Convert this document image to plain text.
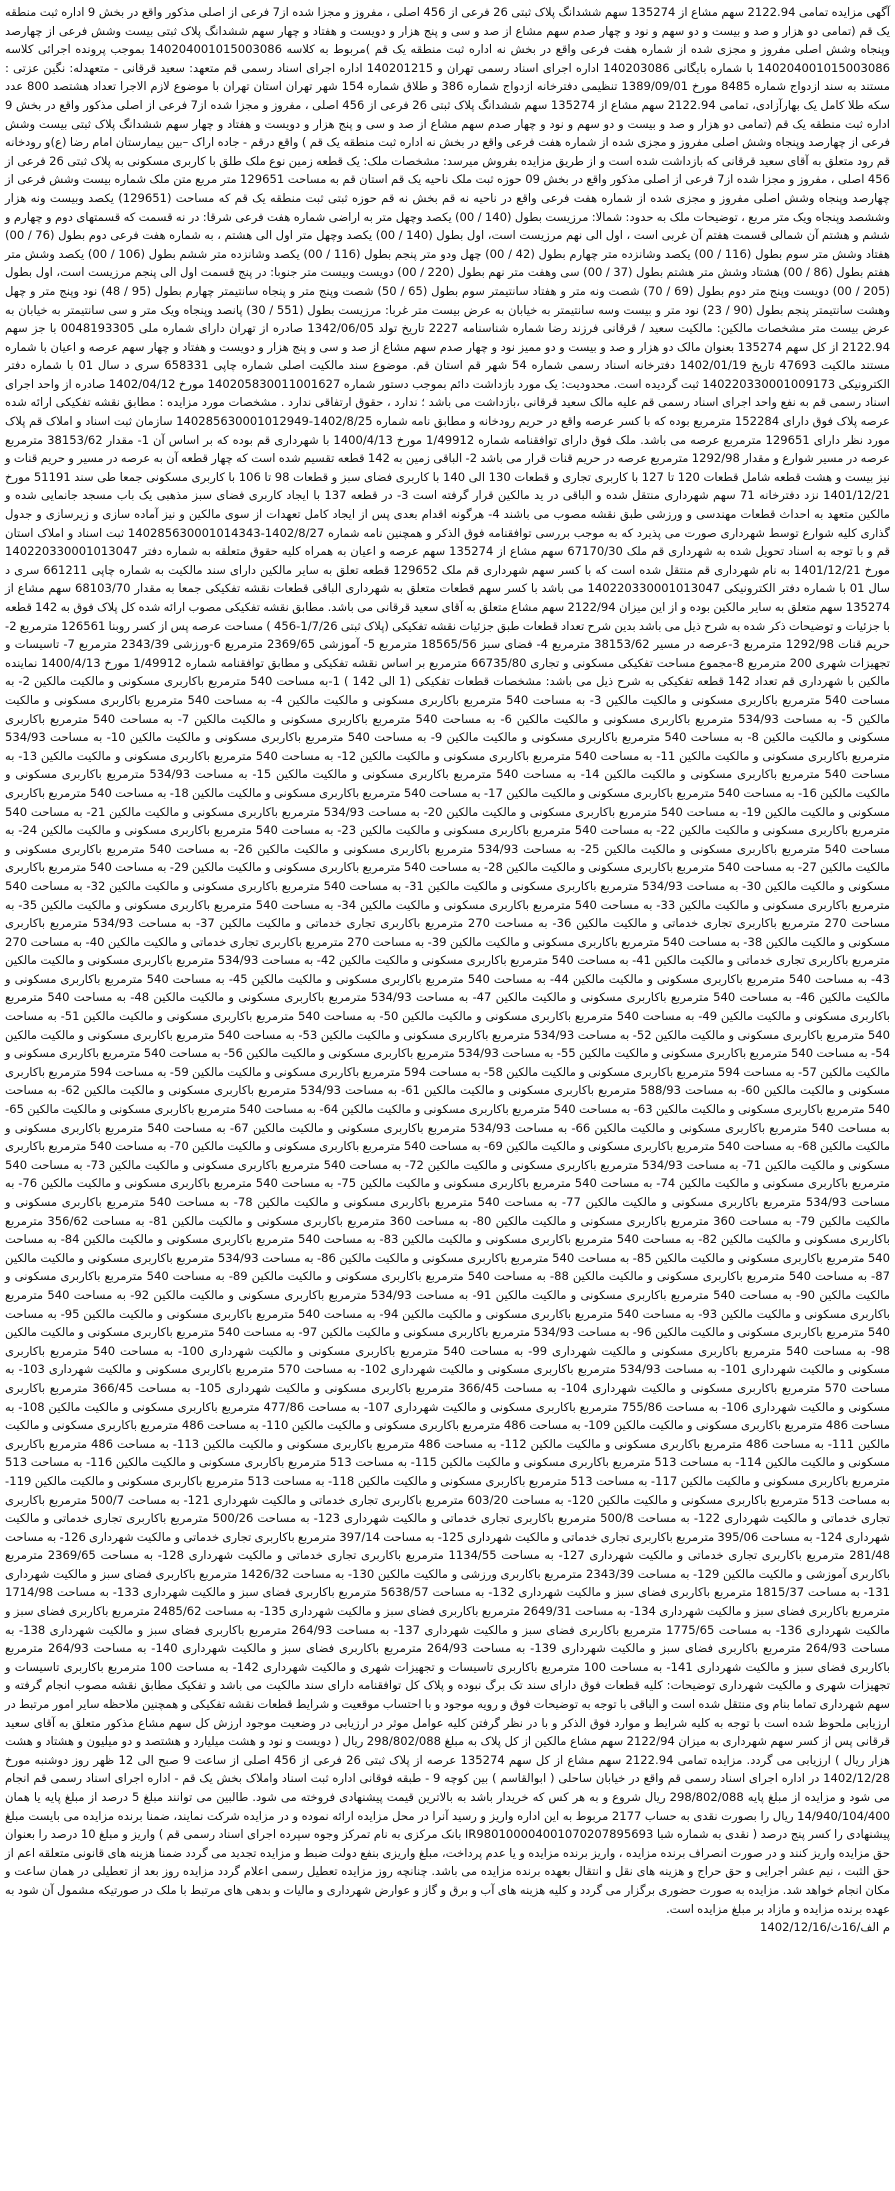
آگهی مزایده تمامی 2122.94 سهم مشاع از 135274 سهم ششدانگ پلاک ثبتی 26 فرعی از 456 اصلی ، مفروز و مجزا شده از7 فرعی از اصلی مذکور واقع در بخش 9 اداره ثبت منطقه یک قم (تمامی دو هزار و صد و بیست و دو سهم و نود و چهار صدم سهم مشاع از صد و سی و پنج هزار و دویست و هفتاد و چهار سهم ششدانگ پلاک ثبتی بیست وشش فرعی از چهارصد وپنجاه وشش اصلی مفروز و مجزی شده از شماره هفت فرعی واقع در بخش نه اداره ثبت منطقه یک قم )مربوط به کلاسه 140204001015003086 بموجب پرونده اجرائی کلاسه 140204001015003086 با شماره بایگانی 140203086 اداره اجرای اسناد رسمی تهران و 140201215 اداره اجرای اسناد رسمی قم متعهد: سعید قرقانی - متعهدله: نگین عزتی : مستند به سند ازدواج شماره 8485 مورخ 1389/09/01 تنظیمی دفترخانه ازدواج شماره 386 و طلاق شماره 154 شهر تهران استان تهران با موضوع لازم الاجرا تعداد هشتصد 800 عدد سکه طلا کامل یک بهارآزادی، تمامی 2122.94 سهم مشاع از 135274 سهم ششدانگ پلاک ثبتی 26 فرعی از 456 اصلی ، مفروز و مجزا شده از7 فرعی از اصلی مذکور واقع در بخش 9 اداره ثبت منطقه یک قم (تمامی دو هزار و صد و بیست و دو سهم و نود و چهار صدم سهم مشاع از صد و سی و پنج هزار و دویست و هفتاد و چهار سهم ششدانگ پلاک ثبتی بیست وشش فرعی از چهارصد وپنجاه وشش اصلی مفروز و مجزی شده از شماره هفت فرعی واقع در بخش نه اداره ثبت منطقه یک قم ) واقع درقم - جاده اراک –بین بیمارستان امام رضا (ع)و رودخانه قم رود متعلق به آقای سعید قرقانی که بازداشت شده است و از طریق مزایده بفروش میرسد: مشخصات ملک: یک قطعه زمین نوع ملک طلق با کاربری مسکونی به پلاک ثبتی 26 فرعی از 456 اصلی ، مفروز و مجزا شده از7 فرعی از اصلی مذکور واقع در بخش 09 حوزه ثبت ملک ناحیه یک قم استان قم به مساحت 129651 متر مربع متن ملک شماره بیست وشش فرعی از چهارصد وپنجاه وشش اصلی مفروز و مجزی شده از شماره هفت فرعی واقع در ناحیه نه قم بخش نه قم حوزه ثبتی ثبت منطقه یک قم که مساحت (129651) یکصد وبیست ونه هزار وششصد وپنجاه ویک متر مربع ، توضیحات ملک به حدود: شمالا: مرزیست بطول (140 / 00) یکصد وچهل متر به اراضی شماره هفت فرعی شرقا: در نه قسمت که قسمتهای دوم و چهارم و ششم و هشتم آن شمالی قسمت هفتم آن غربی است ، اول الی نهم مرزیست است، اول بطول (140 / 00) یکصد وچهل متر اول الی هشتم ، به شماره هفت فرعی دوم بطول (76 / 00) هفتاد وشش متر سوم بطول (116 / 00) یکصد وشانزده متر چهارم بطول (42 / 00) چهل ودو متر پنجم بطول (116 / 00) یکصد وشانزده متر ششم بطول (106 / 00) یکصد وشش متر هفتم بطول (86 / 00) هشتاد وشش متر هشتم بطول (37 / 00) سی وهفت متر نهم بطول (220 / 00) دویست وبیست متر جنوبا: در پنج قسمت اول الی پنجم مرزیست است، اول بطول (205 / 00) دویست وپنج متر دوم بطول (69 / 70) شصت ونه متر و هفتاد سانتیمتر سوم بطول (65 / 50) شصت وپنج متر و پنجاه سانتیمتر چهارم بطول (95 / 48) نود وپنج متر و چهل وهشت سانتیمتر پنجم بطول (90 / 23) نود متر و بیست وسه سانتیمتر به خیابان به عرض بیست متر غربا: مرزیست بطول (551 / 30) پانصد وپنجاه ویک متر و سی سانتیمتر به خیابان به عرض بیست متر مشخصات مالکین: مالکیت سعید / قرقانی فرزند رضا شماره شناسنامه 2227 تاریخ تولد 1342/06/05 صادره از تهران دارای شماره ملی 0048193305 با جز سهم 2122.94 از کل سهم 135274 بعنوان مالک دو هزار و صد و بیست و دو ممیز نود و چهار صدم سهم مشاع از صد و سی و پنج هزار و دویست و هفتاد و چهار سهم عرصه و اعیان با شماره مستند مالکیت 47693 تاریخ 1402/01/19 دفترخانه اسناد رسمی شماره 54 شهر قم استان قم. موضوع سند مالکیت اصلی شماره چاپی 658331 سری د سال 01 با شماره دفتر الکترونیکی 140220330001009173 ثبت گردیده است. محدودیت: یک مورد بازداشت دائم بموجب دستور شماره 140205830011001627 مورخ 1402/04/12 صادره از واحد اجرای اسناد رسمی قم به نفع واحد اجرای اسناد رسمی قم علیه مالک سعید قرقانی ،بازداشت می باشد ؛ ندارد ، حقوق ارتفاقی ندارد . مشخصات مورد مزایده : مطابق نقشه تفکیکی ارائه شده عرصه پلاک فوق دارای 152284 مترمربع بوده که با کسر عرصه واقع در حریم رودخانه و مطابق نامه شماره 1402/8/25-140285630001012949 سازمان ثبت اسناد و املاک قم پلاک مورد نظر دارای 129651 مترمربع عرصه می باشد. ملک فوق دارای توافقنامه شماره 1/49912 مورخ 1400/4/13 با شهرداری قم بوده که بر اساس آن 1- مقدار 38153/62 مترمربع عرصه در مسیر شوارع و مقدار 1292/98 مترمربع عرصه در حریم قنات قرار می باشد 2- الباقی زمین به 142 قطعه تقسیم شده است که چهار قطعه آن به عرصه در مسیر و حریم قنات و نیز بیست و هشت قطعه شامل قطعات 120 تا 127 با کاربری تجاری و قطعات 130 الی 140 با کاربری فضای سبز و قطعات 98 تا 106 با کاربری مسکونی جمعا طی سند 51191 مورخ 1401/12/21 نزد دفترخانه 71 سهم شهرداری منتقل شده و الباقی در ید مالکین قرار گرفته است 3- در قطعه 137 با ایجاد کاربری فضای سبز مذهبی یک باب مسجد جانمایی شده و مالکین متعهد به احداث قطعات مهندسی و ورزشی طبق نقشه مصوب می باشند 4- هرگونه اقدام بعدی پس از ایجاد کامل تعهدات از سوی مالکین و نیز آماده سازی و زیرسازی و جدول گذاری کلیه شوارع توسط شهرداری صورت می پذیرد که به موجب بررسی توافقنامه فوق الذکر و همچنین نامه شماره 1402/8/27-140285630001014343 ثبت اسناد و املاک استان قم و با توجه به اسناد تحویل شده به شهرداری قم ملک 67170/30 سهم مشاع از 135274 سهم عرصه و اعیان به همراه کلیه حقوق متعلقه به شماره دفتر 140220330001013047 مورخ 1401/12/21 به نام شهرداری قم منتقل شده است که با کسر سهم شهرداری قم ملک 129652 قطعه تعلق به سایر مالکین دارای سند مالکیت به شماره چاپی 661211 سری د سال 01 با شماره دفتر الکترونیکی 140220330001013047 می باشد با کسر سهم قطعات متعلق به شهرداری الباقی قطعات نقشه تفکیکی جمعا به مقدار 68103/70 سهم مشاع از 135274 سهم متعلق به سایر مالکین بوده و از این میزان 2122/94 سهم مشاع متعلق به آقای سعید قرقانی می باشد. مطابق نقشه تفکیکی مصوب ارائه شده کل پلاک فوق به 142 قطعه با جزئیات و توضیحات ذکر شده به شرح ذیل می باشد بدین شرح تعداد قطعات طبق جزئیات نقشه تفکیکی (پلاک ثبتی 1/7/26-456 ) مساحت عرصه پس از کسر روبنا 126561 مترمربع 2-حریم قنات 1292/98 مترمربع 3-عرصه در مسیر 38153/62 مترمربع 4- فضای سبز 18565/56 مترمربع 5- آموزشی 2369/65 مترمربع 6-ورزشی 2343/39 مترمربع 7- تاسیسات و تجهیزات شهری 200 مترمربع 8-مجموع مساحت تفکیکی مسکونی و تجاری 66735/80 مترمربع بر اساس نقشه تفکیکی و مطابق توافقنامه شماره 1/49912 مورخ 1400/4/13 نماینده مالکین با شهرداری قم تعداد 142 قطعه تفکیکی به شرح ذیل می باشد: مشخصات قطعات تفکیکی (1 الی 142 ) 1-به مساحت 540 مترمربع باکاربری مسکونی و مالکیت مالکین 2- به مساحت 540 مترمربع باکاربری مسکونی و مالکیت مالکین 3- به مساحت 540 مترمربع باکاربری مسکونی و مالکیت مالکین 4- به مساحت 540 مترمربع باکاربری مسکونی و مالکیت مالکین 5- به مساحت 534/93 مترمربع باکاربری مسکونی و مالکیت مالکین 6- به مساحت 540 مترمربع باکاربری مسکونی و مالکیت مالکین 7- به مساحت 540 مترمربع باکاربری مسکونی و مالکیت مالکین 8- به مساحت 540 مترمربع باکاربری مسکونی و مالکیت مالکین 9- به مساحت 540 مترمربع باکاربری مسکونی و مالکیت مالکین 10- به مساحت 534/93 مترمربع باکاربری مسکونی و مالکیت مالکین 11- به مساحت 540 مترمربع باکاربری مسکونی و مالکیت مالکین 12- به مساحت 540 مترمربع باکاربری مسکونی و مالکیت مالکین 13- به مساحت 540 مترمربع باکاربری مسکونی و مالکیت مالکین 14- به مساحت 540 مترمربع باکاربری مسکونی و مالکیت مالکین 15- به مساحت 534/93 مترمربع باکاربری مسکونی و مالکیت مالکین 16- به مساحت 540 مترمربع باکاربری مسکونی و مالکیت مالکین 17- به مساحت 540 مترمربع باکاربری مسکونی و مالکیت مالکین 18- به مساحت 540 مترمربع باکاربری مسکونی و مالکیت مالکین 19- به مساحت 540 مترمربع باکاربری مسکونی و مالکیت مالکین 20- به مساحت 534/93 مترمربع باکاربری مسکونی و مالکیت مالکین 21- به مساحت 540 مترمربع باکاربری مسکونی و مالکیت مالکین 22- به مساحت 540 مترمربع باکاربری مسکونی و مالکیت مالکین 23- به مساحت 540 مترمربع باکاربری مسکونی و مالکیت مالکین 24- به مساحت 540 مترمربع باکاربری مسکونی و مالکیت مالکین 25- به مساحت 534/93 مترمربع باکاربری مسکونی و مالکیت مالکین 26- به مساحت 540 مترمربع باکاربری مسکونی و مالکیت مالکین 27- به مساحت 540 مترمربع باکاربری مسکونی و مالکیت مالکین 28- به مساحت 540 مترمربع باکاربری مسکونی و مالکیت مالکین 29- به مساحت 540 مترمربع باکاربری مسکونی و مالکیت مالکین 30- به مساحت 534/93 مترمربع باکاربری مسکونی و مالکیت مالکین 31- به مساحت 540 مترمربع باکاربری مسکونی و مالکیت مالکین 32- به مساحت 540 مترمربع باکاربری مسکونی و مالکیت مالکین 33- به مساحت 540 مترمربع باکاربری مسکونی و مالکیت مالکین 34- به مساحت 540 مترمربع باکاربری مسکونی و مالکیت مالکین 35- به مساحت 270 مترمربع باکاربری تجاری خدماتی و مالکیت مالکین 36- به مساحت 270 مترمربع باکاربری تجاری خدماتی و مالکیت مالکین 37- به مساحت 534/93 مترمربع باکاربری مسکونی و مالکیت مالکین 38- به مساحت 540 مترمربع باکاربری مسکونی و مالکیت مالکین 39- به مساحت 270 مترمربع باکاربری تجاری خدماتی و مالکیت مالکین 40- به مساحت 270 مترمربع باکاربری تجاری خدماتی و مالکیت مالکین 41- به مساحت 540 مترمربع باکاربری مسکونی و مالکیت مالکین 42- به مساحت 534/93 مترمربع باکاربری مسکونی و مالکیت مالکین 43- به مساحت 540 مترمربع باکاربری مسکونی و مالکیت مالکین 44- به مساحت 540 مترمربع باکاربری مسکونی و مالکیت مالکین 45- به مساحت 540 مترمربع باکاربری مسکونی و مالکیت مالکین 46- به مساحت 540 مترمربع باکاربری مسکونی و مالکیت مالکین 47- به مساحت 534/93 مترمربع باکاربری مسکونی و مالکیت مالکین 48- به مساحت 540 مترمربع باکاربری مسکونی و مالکیت مالکین 49- به مساحت 540 مترمربع باکاربری مسکونی و مالکیت مالکین 50- به مساحت 540 مترمربع باکاربری مسکونی و مالکیت مالکین 51- به مساحت 540 مترمربع باکاربری مسکونی و مالکیت مالکین 52- به مساحت 534/93 مترمربع باکاربری مسکونی و مالکیت مالکین 53- به مساحت 540 مترمربع باکاربری مسکونی و مالکیت مالکین 54- به مساحت 540 مترمربع باکاربری مسکونی و مالکیت مالکین 55- به مساحت 534/93 مترمربع باکاربری مسکونی و مالکیت مالکین 56- به مساحت 540 مترمربع باکاربری مسکونی و مالکیت مالکین 57- به مساحت 594 مترمربع باکاربری مسکونی و مالکیت مالکین 58- به مساحت 594 مترمربع باکاربری مسکونی و مالکیت مالکین 59- به مساحت 594 مترمربع باکاربری مسکونی و مالکیت مالکین 60- به مساحت 588/93 مترمربع باکاربری مسکونی و مالکیت مالکین 61- به مساحت 534/93 مترمربع باکاربری مسکونی و مالکیت مالکین 62- به مساحت 540 مترمربع باکاربری مسکونی و مالکیت مالکین 63- به مساحت 540 مترمربع باکاربری مسکونی و مالکیت مالکین 64- به مساحت 540 مترمربع باکاربری مسکونی و مالکیت مالکین 65- به مساحت 540 مترمربع باکاربری مسکونی و مالکیت مالکین 66- به مساحت 534/93 مترمربع باکاربری مسکونی و مالکیت مالکین 67- به مساحت 540 مترمربع باکاربری مسکونی و مالکیت مالکین 68- به مساحت 540 مترمربع باکاربری مسکونی و مالکیت مالکین 69- به مساحت 540 مترمربع باکاربری مسکونی و مالکیت مالکین 70- به مساحت 540 مترمربع باکاربری مسکونی و مالکیت مالکین 71- به مساحت 534/93 مترمربع باکاربری مسکونی و مالکیت مالکین 72- به مساحت 540 مترمربع باکاربری مسکونی و مالکیت مالکین 73- به مساحت 540 مترمربع باکاربری مسکونی و مالکیت مالکین 74- به مساحت 540 مترمربع باکاربری مسکونی و مالکیت مالکین 75- به مساحت 540 مترمربع باکاربری مسکونی و مالکیت مالکین 76- به مساحت 534/93 مترمربع باکاربری مسکونی و مالکیت مالکین 77- به مساحت 540 مترمربع باکاربری مسکونی و مالکیت مالکین 78- به مساحت 540 مترمربع باکاربری مسکونی و مالکیت مالکین 79- به مساحت 360 مترمربع باکاربری مسکونی و مالکیت مالکین 80- به مساحت 360 مترمربع باکاربری مسکونی و مالکیت مالکین 81- به مساحت 356/62 مترمربع باکاربری مسکونی و مالکیت مالکین 82- به مساحت 540 مترمربع باکاربری مسکونی و مالکیت مالکین 83- به مساحت 540 مترمربع باکاربری مسکونی و مالکیت مالکین 84- به مساحت 540 مترمربع باکاربری مسکونی و مالکیت مالکین 85- به مساحت 540 مترمربع باکاربری مسکونی و مالکیت مالکین 86- به مساحت 534/93 مترمربع باکاربری مسکونی و مالکیت مالکین 87- به مساحت 540 مترمربع باکاربری مسکونی و مالکیت مالکین 88- به مساحت 540 مترمربع باکاربری مسکونی و مالکیت مالکین 89- به مساحت 540 مترمربع باکاربری مسکونی و مالکیت مالکین 90- به مساحت 540 مترمربع باکاربری مسکونی و مالکیت مالکین 91- به مساحت 534/93 مترمربع باکاربری مسکونی و مالکیت مالکین 92- به مساحت 540 مترمربع باکاربری مسکونی و مالکیت مالکین 93- به مساحت 540 مترمربع باکاربری مسکونی و مالکیت مالکین 94- به مساحت 540 مترمربع باکاربری مسکونی و مالکیت مالکین 95- به مساحت 540 مترمربع باکاربری مسکونی و مالکیت مالکین 96- به مساحت 534/93 مترمربع باکاربری مسکونی و مالکیت مالکین 97- به مساحت 540 مترمربع باکاربری مسکونی و مالکیت مالکین 98- به مساحت 540 مترمربع باکاربری مسکونی و مالکیت شهرداری 99- به مساحت 540 مترمربع باکاربری مسکونی و مالکیت شهرداری 100- به مساحت 540 مترمربع باکاربری مسکونی و مالکیت شهرداری 101- به مساحت 534/93 مترمربع باکاربری مسکونی و مالکیت شهرداری 102- به مساحت 570 مترمربع باکاربری مسکونی و مالکیت شهرداری 103- به مساحت 570 مترمربع باکاربری مسکونی و مالکیت شهرداری 104- به مساحت 366/45 مترمربع باکاربری مسکونی و مالکیت شهرداری 105- به مساحت 366/45 مترمربع باکاربری مسکونی و مالکیت شهرداری 106- به مساحت 755/86 مترمربع باکاربری مسکونی و مالکیت شهرداری 107- به مساحت 477/86 مترمربع باکاربری مسکونی و مالکیت مالکین 108- به مساحت 486 مترمربع باکاربری مسکونی و مالکیت مالکین 109- به مساحت 486 مترمربع باکاربری مسکونی و مالکیت مالکین 110- به مساحت 486 مترمربع باکاربری مسکونی و مالکیت مالکین 111- به مساحت 486 مترمربع باکاربری مسکونی و مالکیت مالکین 112- به مساحت 486 مترمربع باکاربری مسکونی و مالکیت مالکین 113- به مساحت 486 مترمربع باکاربری مسکونی و مالکیت مالکین 114- به مساحت 513 مترمربع باکاربری مسکونی و مالکیت مالکین 115- به مساحت 513 مترمربع باکاربری مسکونی و مالکیت مالکین 116- به مساحت 513 مترمربع باکاربری مسکونی و مالکیت مالکین 117- به مساحت 513 مترمربع باکاربری مسکونی و مالکیت مالکین 118- به مساحت 513 مترمربع باکاربری مسکونی و مالکیت مالکین 119- به مساحت 513 مترمربع باکاربری مسکونی و مالکیت مالکین 120- به مساحت 603/20 مترمربع باکاربری تجاری خدماتی و مالکیت شهرداری 121- به مساحت 500/7 مترمربع باکاربری تجاری خدماتی و مالکیت شهرداری 122- به مساحت 500/8 مترمربع باکاربری تجاری خدماتی و مالکیت شهرداری 123- به مساحت 500/26 مترمربع باکاربری تجاری خدماتی و مالکیت شهرداری 124- به مساحت 395/06 مترمربع باکاربری تجاری خدماتی و مالکیت شهرداری 125- به مساحت 397/14 مترمربع باکاربری تجاری خدماتی و مالکیت شهرداری 126- به مساحت 281/48 مترمربع باکاربری تجاری خدماتی و مالکیت شهرداری 127- به مساحت 1134/55 مترمربع باکاربری تجاری خدماتی و مالکیت شهرداری 128- به مساحت 2369/65 مترمربع باکاربری آموزشی و مالکیت مالکین 129- به مساحت 2343/39 مترمربع باکاربری ورزشی و مالکیت مالکین 130- به مساحت 1426/32 مترمربع باکاربری فضای سبز و مالکیت شهرداری 131- به مساحت 1815/37 مترمربع باکاربری فضای سبز و مالکیت شهرداری 132- به مساحت 5638/57 مترمربع باکاربری فضای سبز و مالکیت شهرداری 133- به مساحت 1714/98 مترمربع باکاربری فضای سبز و مالکیت شهرداری 134- به مساحت 2649/31 مترمربع باکاربری فضای سبز و مالکیت شهرداری 135- به مساحت 2485/62 مترمربع باکاربری فضای سبز و مالکیت شهرداری 136- به مساحت 1775/65 مترمربع باکاربری فضای سبز و مالکیت شهرداری 137- به مساحت 264/93 مترمربع باکاربری فضای سبز و مالکیت شهرداری 138- به مساحت 264/93 مترمربع باکاربری فضای سبز و مالکیت شهرداری 139- به مساحت 264/93 مترمربع باکاربری فضای سبز و مالکیت شهرداری 140- به مساحت 264/93 مترمربع باکاربری فضای سبز و مالکیت شهرداری 141- به مساحت 100 مترمربع باکاربری تاسیسات و تجهیزات شهری و مالکیت شهرداری 142- به مساحت 100 مترمربع باکاربری تاسیسات و تجهیزات شهری و مالکیت شهرداری توضیحات: کلیه قطعات فوق دارای سند تک برگ نبوده و پلاک کل توافقنامه دارای سند مالکیت می باشد و تفکیک مطابق نقشه مصوب انجام گرفته و سهم شهرداری تماما بنام وی منتقل شده است و الباقی با توجه به توضیحات فوق و رویه موجود و با احتساب موقعیت و شرایط قطعات نقشه تفکیکی و همچنین ملاحظه سایر امور مرتبط در ارزیابی ملحوظ شده است با توجه به کلیه شرایط و موارد فوق الذکر و با در نظر گرفتن کلیه عوامل موثر در ارزیابی در وضعیت موجود ارزش کل سهم مشاع مذکور متعلق به آقای سعید قرقانی پس از کسر سهم شهرداری به میزان 2122/94 سهم مشاع مالکین از کل پلاک به مبلغ 298/802/088 ریال ( دویست و نود و هشت میلیارد و هشتصد و دو میلیون و هشتاد و هشت هزار ریال ) ارزیابی می گردد. مزایده تمامی 2122.94 سهم مشاع از کل سهم 135274 عرصه از پلاک ثبتی 26 فرعی از 456 اصلی از ساعت 9 صبح الی 12 ظهر روز دوشنبه مورخ 1402/12/28 در اداره اجرای اسناد رسمی قم واقع در خیابان ساحلی ( ابوالقاسم ) بین کوچه 9 - طبقه فوقانی اداره ثبت اسناد واملاک بخش یک قم - اداره اجرای اسناد رسمی قم انجام می شود و مزایده از مبلغ پایه 298/802/088 ریال شروع و به هر کس که خریدار باشد به بالاترین قیمت پیشنهادی فروخته می شود. طالبین می توانند مبلغ 5 درصد از مبلغ پایه یا همان 14/940/104/400 ریال را بصورت نقدی به حساب 2177 مربوط به این اداره واریز و رسید آنرا در محل مزایده ارائه نموده و در مزایده شرکت نمایند، ضمنا برنده مزایده می بایست مبلغ پیشنهادی را کسر پنج درصد ( نقدی به شماره شبا IR980100004001070207895693 بانک مرکزی به نام تمرکز وجوه سپرده اجرای اسناد رسمی قم ) واریز و مبلغ 10 درصد را بعنوان حق مزایده واریز کنند و در صورت انصراف برنده مزایده ، واریز برنده مزایده و یا عدم پرداخت، مبلغ واریزی بنفع دولت ضبط و مزایده تجدید می گردد ضمنا هزینه های قانونی متعلقه اعم از حق الثبت ، نیم عشر اجرایی و حق حراج و هزینه های نقل و انتقال بعهده برنده مزایده می باشد. چنانچه روز مزایده تعطیل رسمی اعلام گردد مزایده روز بعد از تعطیلی در همان ساعت و مکان انجام خواهد شد. مزایده به صورت حضوری برگزار می گردد و کلیه هزینه های آب و برق و گاز و عوارض شهرداری و مالیات و بدهی های مرتبط با ملک در صورتیکه مشمول آن شود به عهده برنده مزایده و مازاد بر مبلغ مزایده است.

م الف/16ث/1402/12/16
